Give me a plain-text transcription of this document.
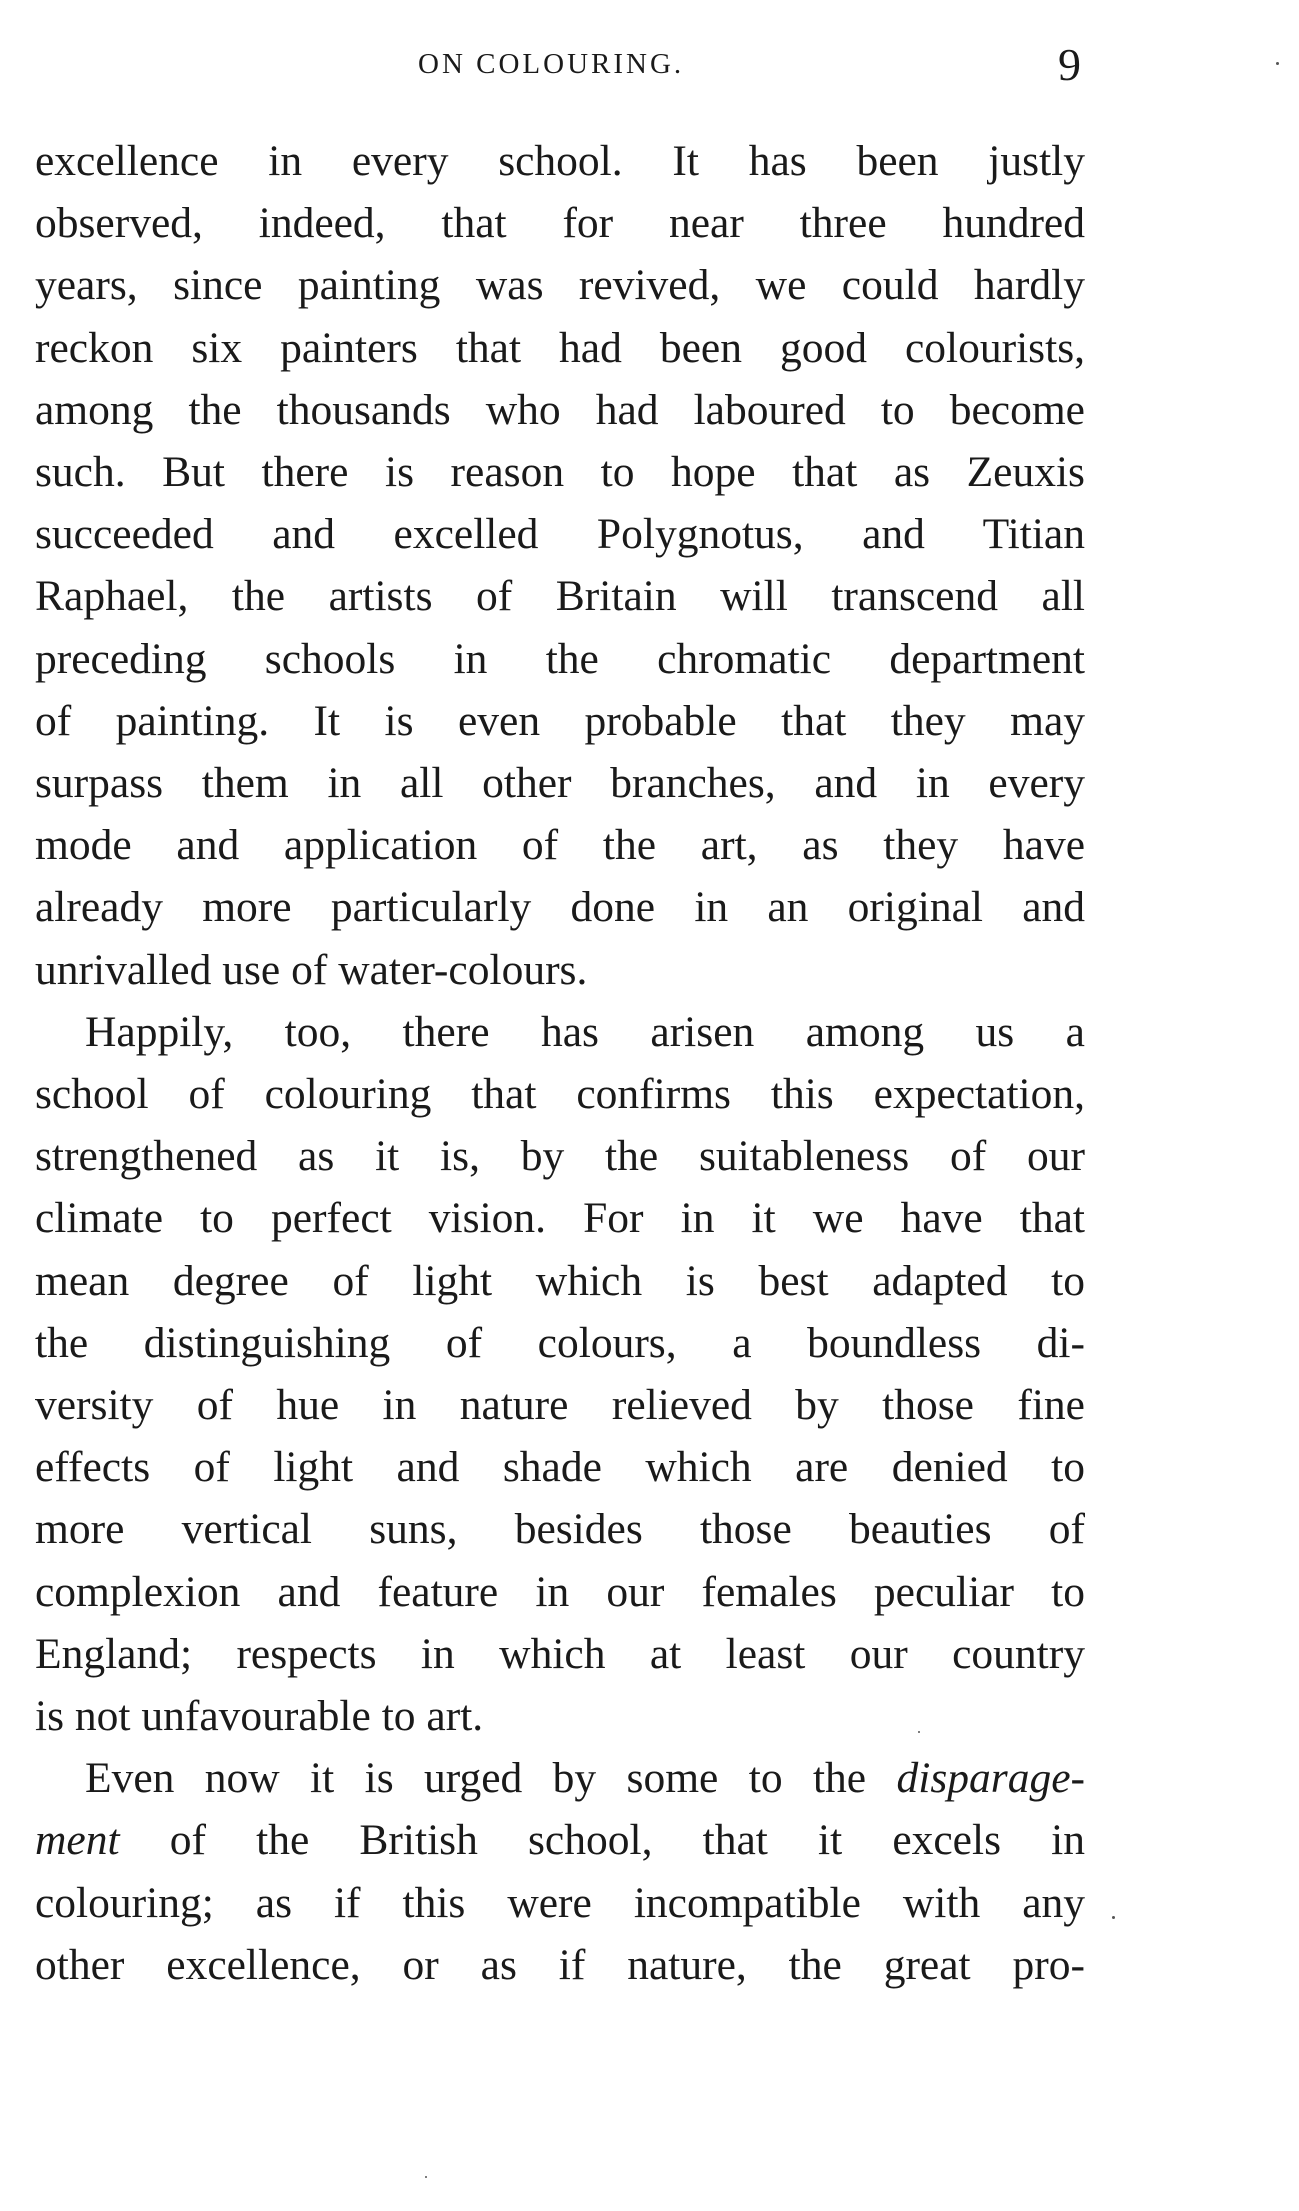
ON COLOURING.	9

excellence in every school. It has been justly
observed, indeed, that for near three hundred
years, since painting was revived, we could hardly
reckon six painters that had been good colourists,
among the thousands who had laboured to become
such. But there is reason to hope that as Zeuxis
succeeded and excelled Polygnotus, and Titian
Raphael, the artists of Britain will transcend all
preceding schools in the chromatic department
of painting. It is even probable that they may
surpass them in all other branches, and in every
mode and application of the art, as they have
already more particularly done in an original and
unrivalled use of water-colours.

Happily, too, there has arisen among us a
school of colouring that confirms this expectation,
strengthened as it is, by the suitableness of our
climate to perfect vision. For in it we have that
mean degree of light which is best adapted to
the distinguishing of colours, a boundless di-
versity of hue in nature relieved by those fine
effects of light and shade which are denied to
more vertical suns, besides those beauties of
complexion and feature in our females peculiar to
England; respects in which at least our country
is not unfavourable to art.

Even now it is urged by some to the disparage-
ment of the British school, that it excels in
colouring; as if this were incompatible with any
other excellence, or as if nature, the great pro-
